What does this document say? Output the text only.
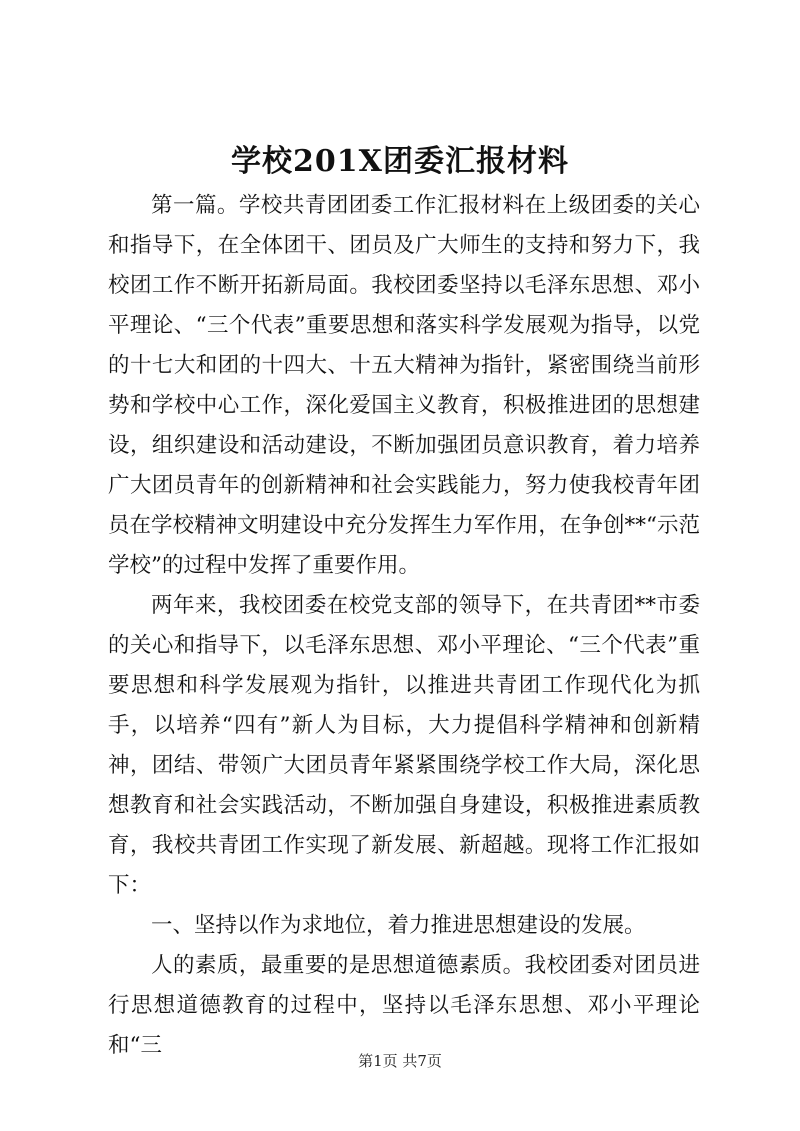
学校201X团委汇报材料

第一篇。学校共青团团委工作汇报材料在上级团委的关心和指导下，在全体团干、团员及广大师生的支持和努力下，我校团工作不断开拓新局面。我校团委坚持以毛泽东思想、邓小平理论、“三个代表”重要思想和落实科学发展观为指导，以党的十七大和团的十四大、十五大精神为指针，紧密围绕当前形势和学校中心工作，深化爱国主义教育，积极推进团的思想建设，组织建设和活动建设，不断加强团员意识教育，着力培养广大团员青年的创新精神和社会实践能力，努力使我校青年团员在学校精神文明建设中充分发挥生力军作用，在争创**“示范学校”的过程中发挥了重要作用。

两年来，我校团委在校党支部的领导下，在共青团**市委的关心和指导下，以毛泽东思想、邓小平理论、“三个代表”重要思想和科学发展观为指针，以推进共青团工作现代化为抓手，以培养“四有”新人为目标，大力提倡科学精神和创新精神，团结、带领广大团员青年紧紧围绕学校工作大局，深化思想教育和社会实践活动，不断加强自身建设，积极推进素质教育，我校共青团工作实现了新发展、新超越。现将工作汇报如下：

一、坚持以作为求地位，着力推进思想建设的发展。

人的素质，最重要的是思想道德素质。我校团委对团员进行思想道德教育的过程中，坚持以毛泽东思想、邓小平理论和“三

第1页 共7页
